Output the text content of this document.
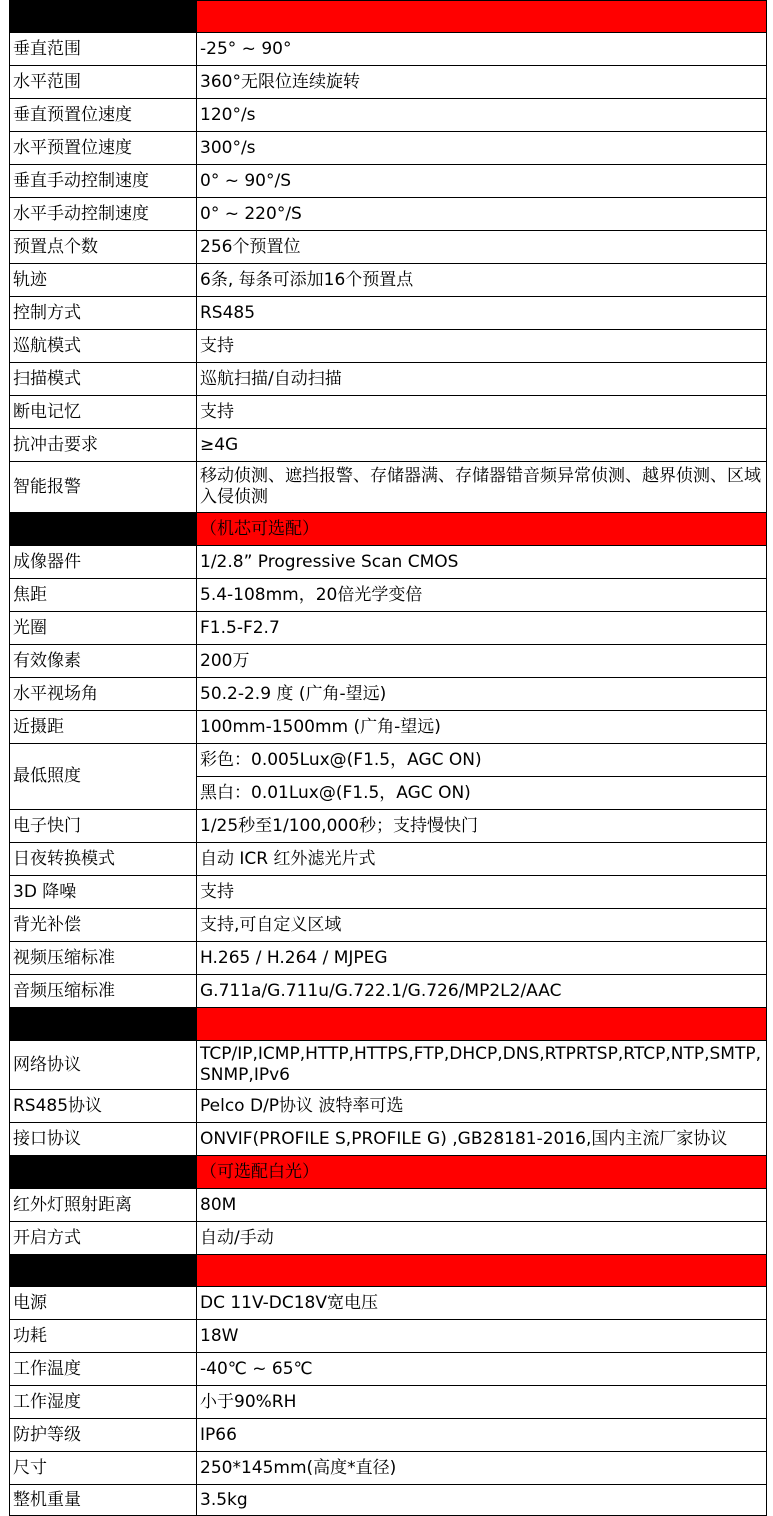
云台性能	
垂直范围	-25° ~ 90°
水平范围	360°无限位连续旋转
垂直预置位速度	120°/s
水平预置位速度	300°/s
垂直手动控制速度	0° ~ 90°/S
水平手动控制速度	0° ~ 220°/S
预置点个数	256个预置位
轨迹	6条, 每条可添加16个预置点
控制方式	RS485
巡航模式	支持
扫描模式	巡航扫描/自动扫描
断电记忆	支持
抗冲击要求	≥4G
智能报警	移动侦测、遮挡报警、存储器满、存储器错音频异常侦测、越界侦测、区域入侵侦测
可见光成像	（机芯可选配）
成像器件	1/2.8” Progressive Scan CMOS
焦距	5.4-108mm，20倍光学变倍
光圈	F1.5-F2.7
有效像素	200万
水平视场角	50.2-2.9 度 (广角-望远)
近摄距	100mm-1500mm (广角-望远)
最低照度	彩色：0.005Lux@(F1.5，AGC ON)
	黑白：0.01Lux@(F1.5，AGC ON)
电子快门	1/25秒至1/100,000秒；支持慢快门
日夜转换模式	自动 ICR 红外滤光片式
3D 降噪	支持
背光补偿	支持,可自定义区域
视频压缩标准	H.265 / H.264 / MJPEG
音频压缩标准	G.711a/G.711u/G.722.1/G.726/MP2L2/AAC
网络和通信功能	
网络协议	TCP/IP,ICMP,HTTP,HTTPS,FTP,DHCP,DNS,RTPRTSP,RTCP,NTP,SMTP,SNMP,IPv6
RS485协议	Pelco D/P协议 波特率可选
接口协议	ONVIF(PROFILE S,PROFILE G) ,GB28181-2016,国内主流厂家协议
红外灯补光	（可选配白光）
红外灯照射距离	80M
开启方式	自动/手动
系统参数	
电源	DC 11V-DC18V宽电压
功耗	18W
工作温度	-40℃ ~ 65℃
工作湿度	小于90%RH
防护等级	IP66
尺寸	250*145mm(高度*直径)
整机重量	3.5kg
